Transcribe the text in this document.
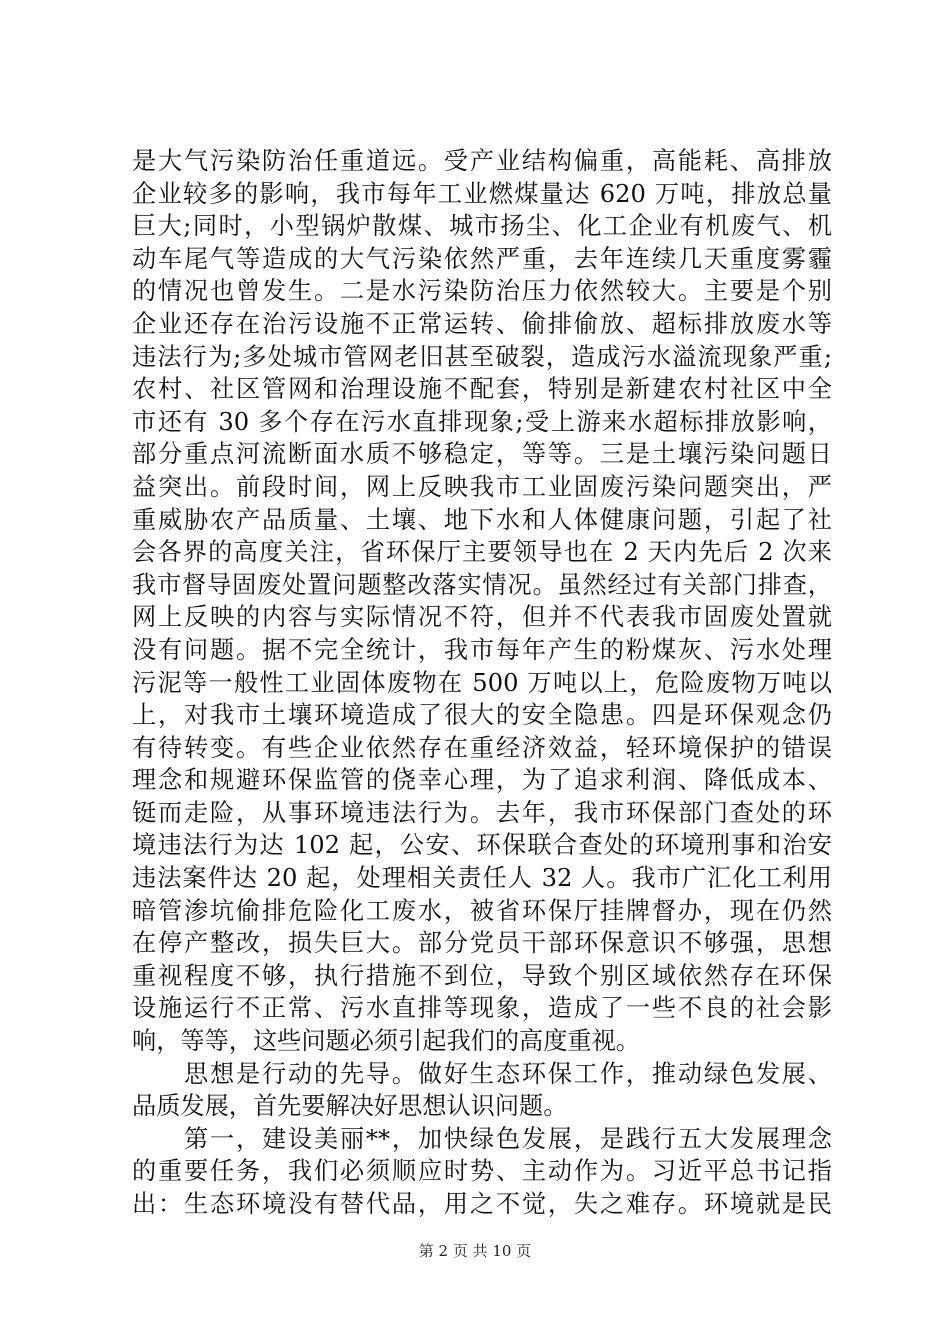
是大气污染防治任重道远。受产业结构偏重，高能耗、高排放
企业较多的影响，我市每年工业燃煤量达 620 万吨，排放总量
巨大;同时，小型锅炉散煤、城市扬尘、化工企业有机废气、机
动车尾气等造成的大气污染依然严重，去年连续几天重度雾霾
的情况也曾发生。二是水污染防治压力依然较大。主要是个别
企业还存在治污设施不正常运转、偷排偷放、超标排放废水等
违法行为;多处城市管网老旧甚至破裂，造成污水溢流现象严重;
农村、社区管网和治理设施不配套，特别是新建农村社区中全
市还有 30 多个存在污水直排现象;受上游来水超标排放影响，
部分重点河流断面水质不够稳定，等等。三是土壤污染问题日
益突出。前段时间，网上反映我市工业固废污染问题突出，严
重威胁农产品质量、土壤、地下水和人体健康问题，引起了社
会各界的高度关注，省环保厅主要领导也在 2 天内先后 2 次来
我市督导固废处置问题整改落实情况。虽然经过有关部门排查，
网上反映的内容与实际情况不符，但并不代表我市固废处置就
没有问题。据不完全统计，我市每年产生的粉煤灰、污水处理
污泥等一般性工业固体废物在 500 万吨以上，危险废物万吨以
上，对我市土壤环境造成了很大的安全隐患。四是环保观念仍
有待转变。有些企业依然存在重经济效益，轻环境保护的错误
理念和规避环保监管的侥幸心理，为了追求利润、降低成本、
铤而走险，从事环境违法行为。去年，我市环保部门查处的环
境违法行为达 102 起，公安、环保联合查处的环境刑事和治安
违法案件达 20 起，处理相关责任人 32 人。我市广汇化工利用
暗管渗坑偷排危险化工废水，被省环保厅挂牌督办，现在仍然
在停产整改，损失巨大。部分党员干部环保意识不够强，思想
重视程度不够，执行措施不到位，导致个别区域依然存在环保
设施运行不正常、污水直排等现象，造成了一些不良的社会影
响，等等，这些问题必须引起我们的高度重视。
　　思想是行动的先导。做好生态环保工作，推动绿色发展、
品质发展，首先要解决好思想认识问题。
　　第一，建设美丽**，加快绿色发展，是践行五大发展理念
的重要任务，我们必须顺应时势、主动作为。习近平总书记指
出：生态环境没有替代品，用之不觉，失之难存。环境就是民
第 2 页 共 10 页
